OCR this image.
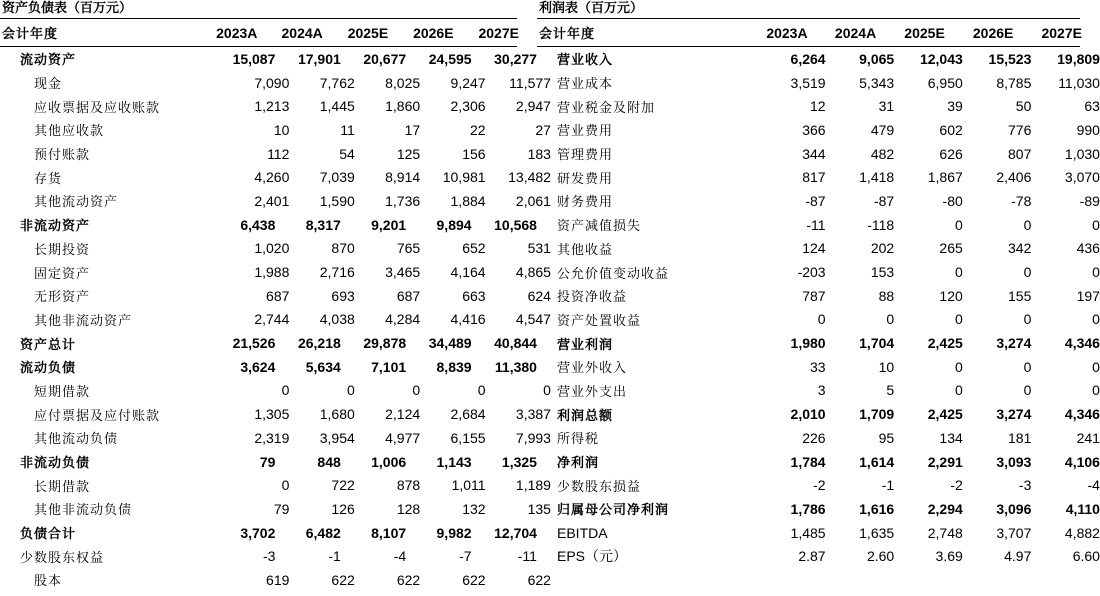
资产负债表（百万元）
会计年度	2023A	2024A	2025E	2026E	2027E
流动资产	15,087	17,901	20,677	24,595	30,277
现金	7,090	7,762	8,025	9,247	11,577
应收票据及应收账款	1,213	1,445	1,860	2,306	2,947
其他应收款	10	11	17	22	27
预付账款	112	54	125	156	183
存货	4,260	7,039	8,914	10,981	13,482
其他流动资产	2,401	1,590	1,736	1,884	2,061
非流动资产	6,438	8,317	9,201	9,894	10,568
长期投资	1,020	870	765	652	531
固定资产	1,988	2,716	3,465	4,164	4,865
无形资产	687	693	687	663	624
其他非流动资产	2,744	4,038	4,284	4,416	4,547
资产总计	21,526	26,218	29,878	34,489	40,844
流动负债	3,624	5,634	7,101	8,839	11,380
短期借款	0	0	0	0	0
应付票据及应付账款	1,305	1,680	2,124	2,684	3,387
其他流动负债	2,319	3,954	4,977	6,155	7,993
非流动负债	79	848	1,006	1,143	1,325
长期借款	0	722	878	1,011	1,189
其他非流动负债	79	126	128	132	135
负债合计	3,702	6,482	8,107	9,982	12,704
少数股东权益	-3	-1	-4	-7	-11
股本	619	622	622	622	622
利润表（百万元）
会计年度	2023A	2024A	2025E	2026E	2027E
营业收入	6,264	9,065	12,043	15,523	19,809
营业成本	3,519	5,343	6,950	8,785	11,030
营业税金及附加	12	31	39	50	63
营业费用	366	479	602	776	990
管理费用	344	482	626	807	1,030
研发费用	817	1,418	1,867	2,406	3,070
财务费用	-87	-87	-80	-78	-89
资产减值损失	-11	-118	0	0	0
其他收益	124	202	265	342	436
公允价值变动收益	-203	153	0	0	0
投资净收益	787	88	120	155	197
资产处置收益	0	0	0	0	0
营业利润	1,980	1,704	2,425	3,274	4,346
营业外收入	33	10	0	0	0
营业外支出	3	5	0	0	0
利润总额	2,010	1,709	2,425	3,274	4,346
所得税	226	95	134	181	241
净利润	1,784	1,614	2,291	3,093	4,106
少数股东损益	-2	-1	-2	-3	-4
归属母公司净利润	1,786	1,616	2,294	3,096	4,110
EBITDA	1,485	1,635	2,748	3,707	4,882
EPS（元）	2.87	2.60	3.69	4.97	6.60
